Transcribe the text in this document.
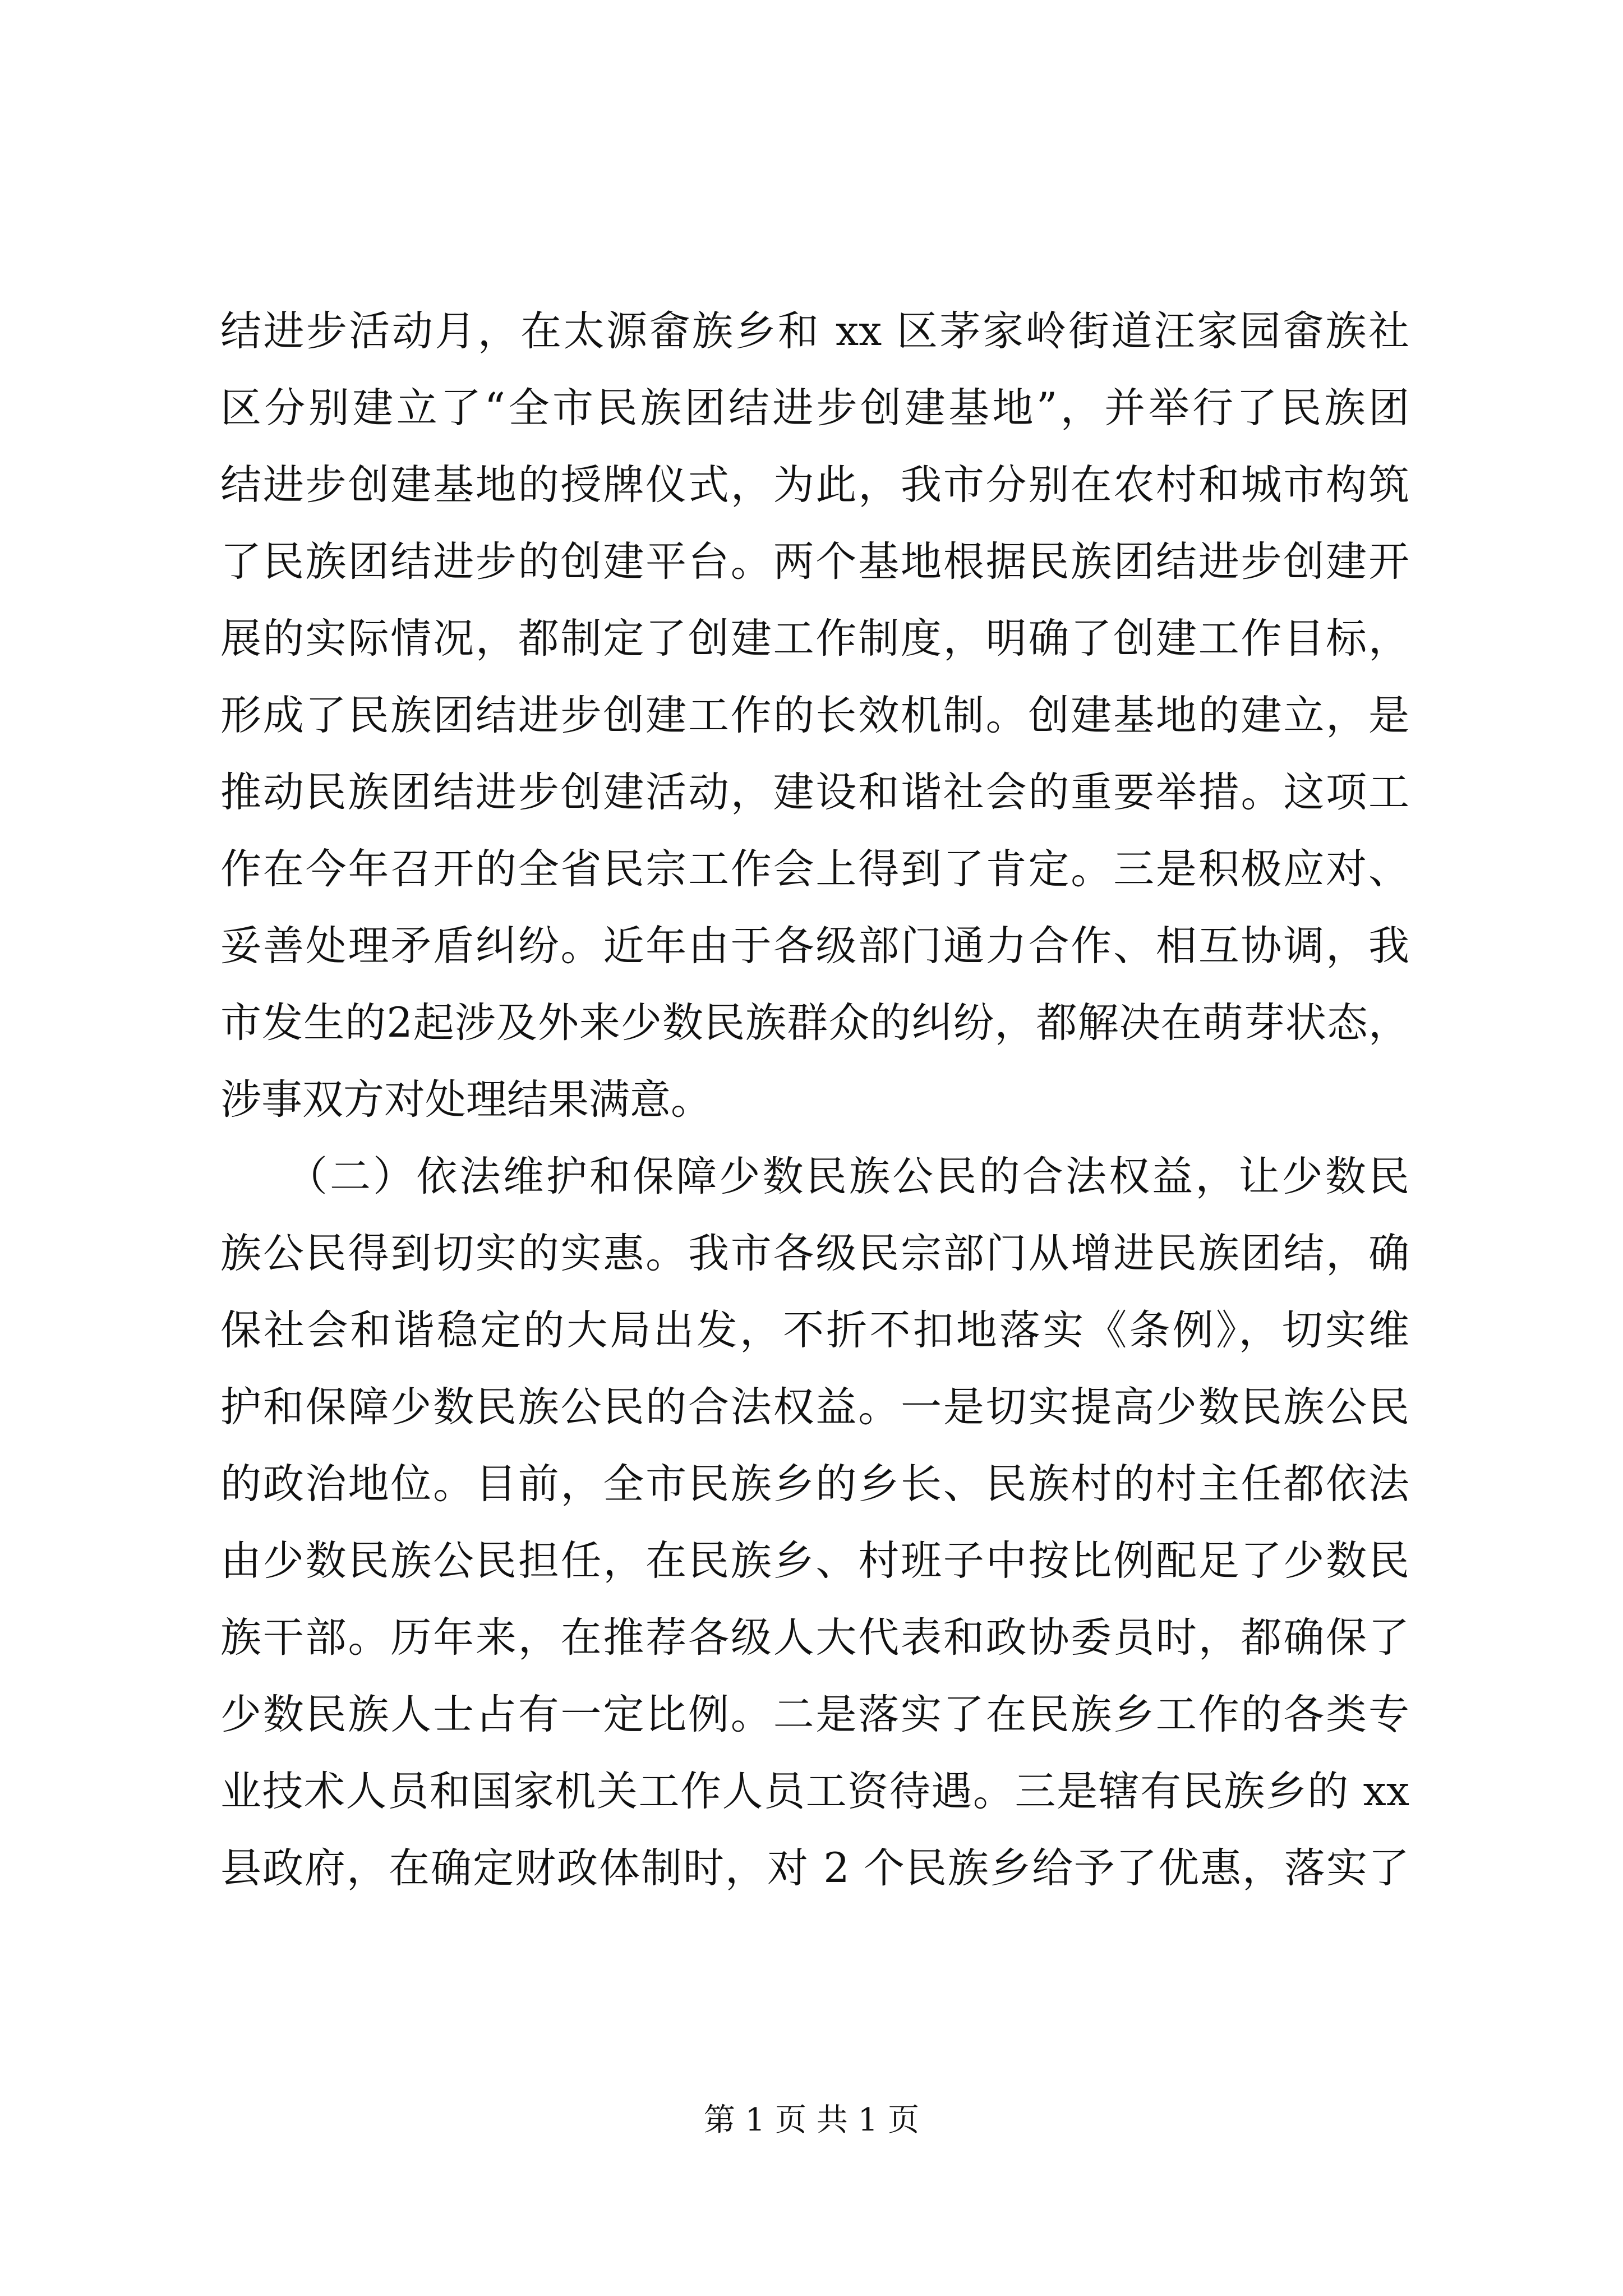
结进步活动月，在太源畲族乡和 xx 区茅家岭街道汪家园畲族社
区分别建立了“全市民族团结进步创建基地”，并举行了民族团
结进步创建基地的授牌仪式，为此，我市分别在农村和城市构筑
了民族团结进步的创建平台。两个基地根据民族团结进步创建开
展的实际情况，都制定了创建工作制度，明确了创建工作目标，
形成了民族团结进步创建工作的长效机制。创建基地的建立，是
推动民族团结进步创建活动，建设和谐社会的重要举措。这项工
作在今年召开的全省民宗工作会上得到了肯定。三是积极应对、
妥善处理矛盾纠纷。近年由于各级部门通力合作、相互协调，我
市发生的2起涉及外来少数民族群众的纠纷，都解决在萌芽状态，
涉事双方对处理结果满意。
　　（二）依法维护和保障少数民族公民的合法权益，让少数民
族公民得到切实的实惠。我市各级民宗部门从增进民族团结，确
保社会和谐稳定的大局出发，不折不扣地落实《条例》，切实维
护和保障少数民族公民的合法权益。一是切实提高少数民族公民
的政治地位。目前，全市民族乡的乡长、民族村的村主任都依法
由少数民族公民担任，在民族乡、村班子中按比例配足了少数民
族干部。历年来，在推荐各级人大代表和政协委员时，都确保了
少数民族人士占有一定比例。二是落实了在民族乡工作的各类专
业技术人员和国家机关工作人员工资待遇。三是辖有民族乡的 xx
县政府，在确定财政体制时，对 2 个民族乡给予了优惠，落实了
第 1 页 共 1 页
